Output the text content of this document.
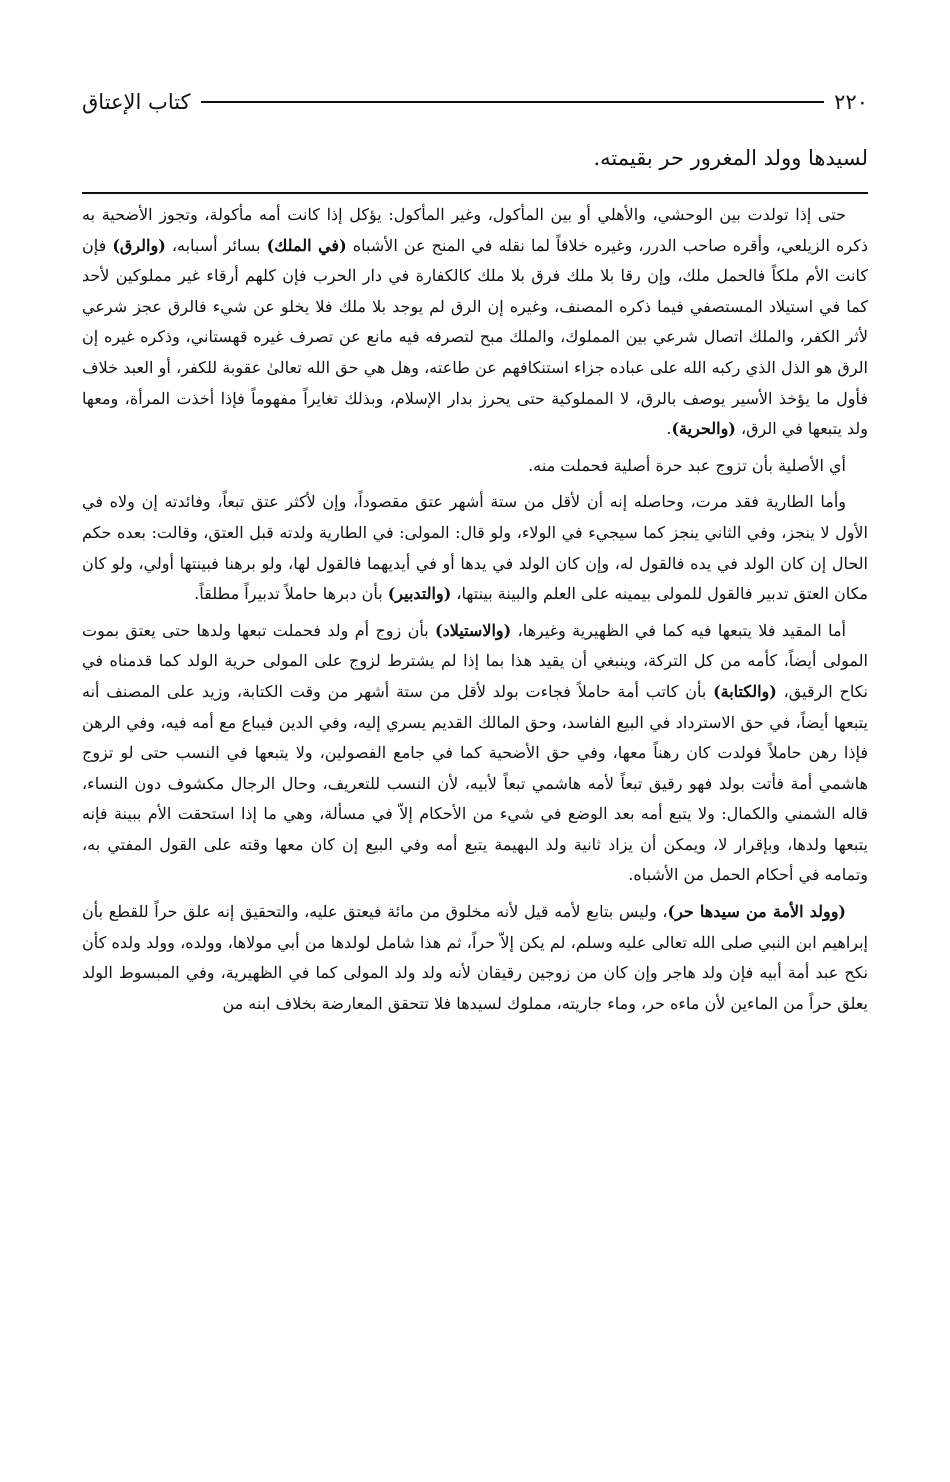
٢٢٠
كتاب الإعتاق
لسيدها وولد المغرور حر بقيمته.

حتى إذا تولدت بين الوحشي، والأهلي أو بين المأكول، وغير المأكول: يؤكل إذا كانت أمه مأكولة، وتجوز الأضحية به ذكره الزيلعي، وأقره صاحب الدرر، وغيره خلافاً لما نقله في المنح عن الأشباه (في الملك) بسائر أسبابه، (والرق) فإن كانت الأم ملكاً فالحمل ملك، وإن رقا بلا ملك فرق بلا ملك كالكفارة في دار الحرب فإن كلهم أرقاء غير مملوكين لأحد كما في استيلاد المستصفي فيما ذكره المصنف، وغيره إن الرق لم يوجد بلا ملك فلا يخلو عن شيء فالرق عجز شرعي لأثر الكفر، والملك اتصال شرعي بين المملوك، والملك مبح لتصرفه فيه مانع عن تصرف غيره قهستاني، وذكره غيره إن الرق هو الذل الذي ركبه الله على عباده جزاء استنكافهم عن طاعته، وهل هي حق الله تعالىٰ عقوبة للكفر، أو العبد خلاف فأول ما يؤخذ الأسير يوصف بالرق، لا المملوكية حتى يحرز بدار الإسلام، وبذلك تغايراً مفهوماً فإذا أخذت المرأة، ومعها ولد يتبعها في الرق، (والحرية).

أي الأصلية بأن تزوج عبد حرة أصلية فحملت منه.

وأما الطارية فقد مرت، وحاصله إنه أن لأقل من ستة أشهر عتق مقصوداً، وإن لأكثر عتق تبعاً، وفائدته إن ولاه في الأول لا ينجز، وفي الثاني ينجز كما سيجيء في الولاء، ولو قال: المولى: في الطارية ولدته قبل العتق، وقالت: بعده حكم الحال إن كان الولد في يده فالقول له، وإن كان الولد في يدها أو في أيديهما فالقول لها، ولو برهنا فبينتها أولي، ولو كان مكان العتق تدبير فالقول للمولى بيمينه على العلم والبينة بينتها، (والتدبير) بأن دبرها حاملاً تدبيراً مطلقاً.

أما المقيد فلا يتبعها فيه كما في الظهيرية وغيرها، (والاستيلاد) بأن زوج أم ولد فحملت تبعها ولدها حتى يعتق بموت المولى أيضاً، كأمه من كل التركة، وينبغي أن يقيد هذا بما إذا لم يشترط لزوج على المولى حرية الولد كما قدمناه في نكاح الرقيق، (والكتابة) بأن كاتب أمة حاملاً فجاءت بولد لأقل من ستة أشهر من وقت الكتابة، وزيد على المصنف أنه يتبعها أيضاً، في حق الاسترداد في البيع الفاسد، وحق المالك القديم يسري إليه، وفي الدين فيباع مع أمه فيه، وفي الرهن فإذا رهن حاملاً فولدت كان رهناً معها، وفي حق الأضحية كما في جامع الفصولين، ولا يتبعها في النسب حتى لو تزوج هاشمي أمة فأتت بولد فهو رقيق تبعاً لأمه هاشمي تبعاً لأبيه، لأن النسب للتعريف، وحال الرجال مكشوف دون النساء، قاله الشمني والكمال: ولا يتبع أمه بعد الوضع في شيء من الأحكام إلاّ في مسألة، وهي ما إذا استحقت الأم ببينة فإنه يتبعها ولدها، وبإقرار لا، ويمكن أن يزاد ثانية ولد البهيمة يتبع أمه وفي البيع إن كان معها وقته على القول المفتي به، وتمامه في أحكام الحمل من الأشباه.

(وولد الأمة من سيدها حر)، وليس بتابع لأمه قيل لأنه مخلوق من مائة فيعتق عليه، والتحقيق إنه علق حراً للقطع بأن إبراهيم ابن النبي صلى الله تعالى عليه وسلم، لم يكن إلاّ حراً، ثم هذا شامل لولدها من أبي مولاها، وولده، وولد ولده كأن نكح عبد أمة أبيه فإن ولد هاجر وإن كان من زوجين رقيقان لأنه ولد ولد المولى كما في الظهيرية، وفي المبسوط الولد يعلق حراً من الماءين لأن ماءه حر، وماء جاريته، مملوك لسيدها فلا تتحقق المعارضة بخلاف ابنه من
